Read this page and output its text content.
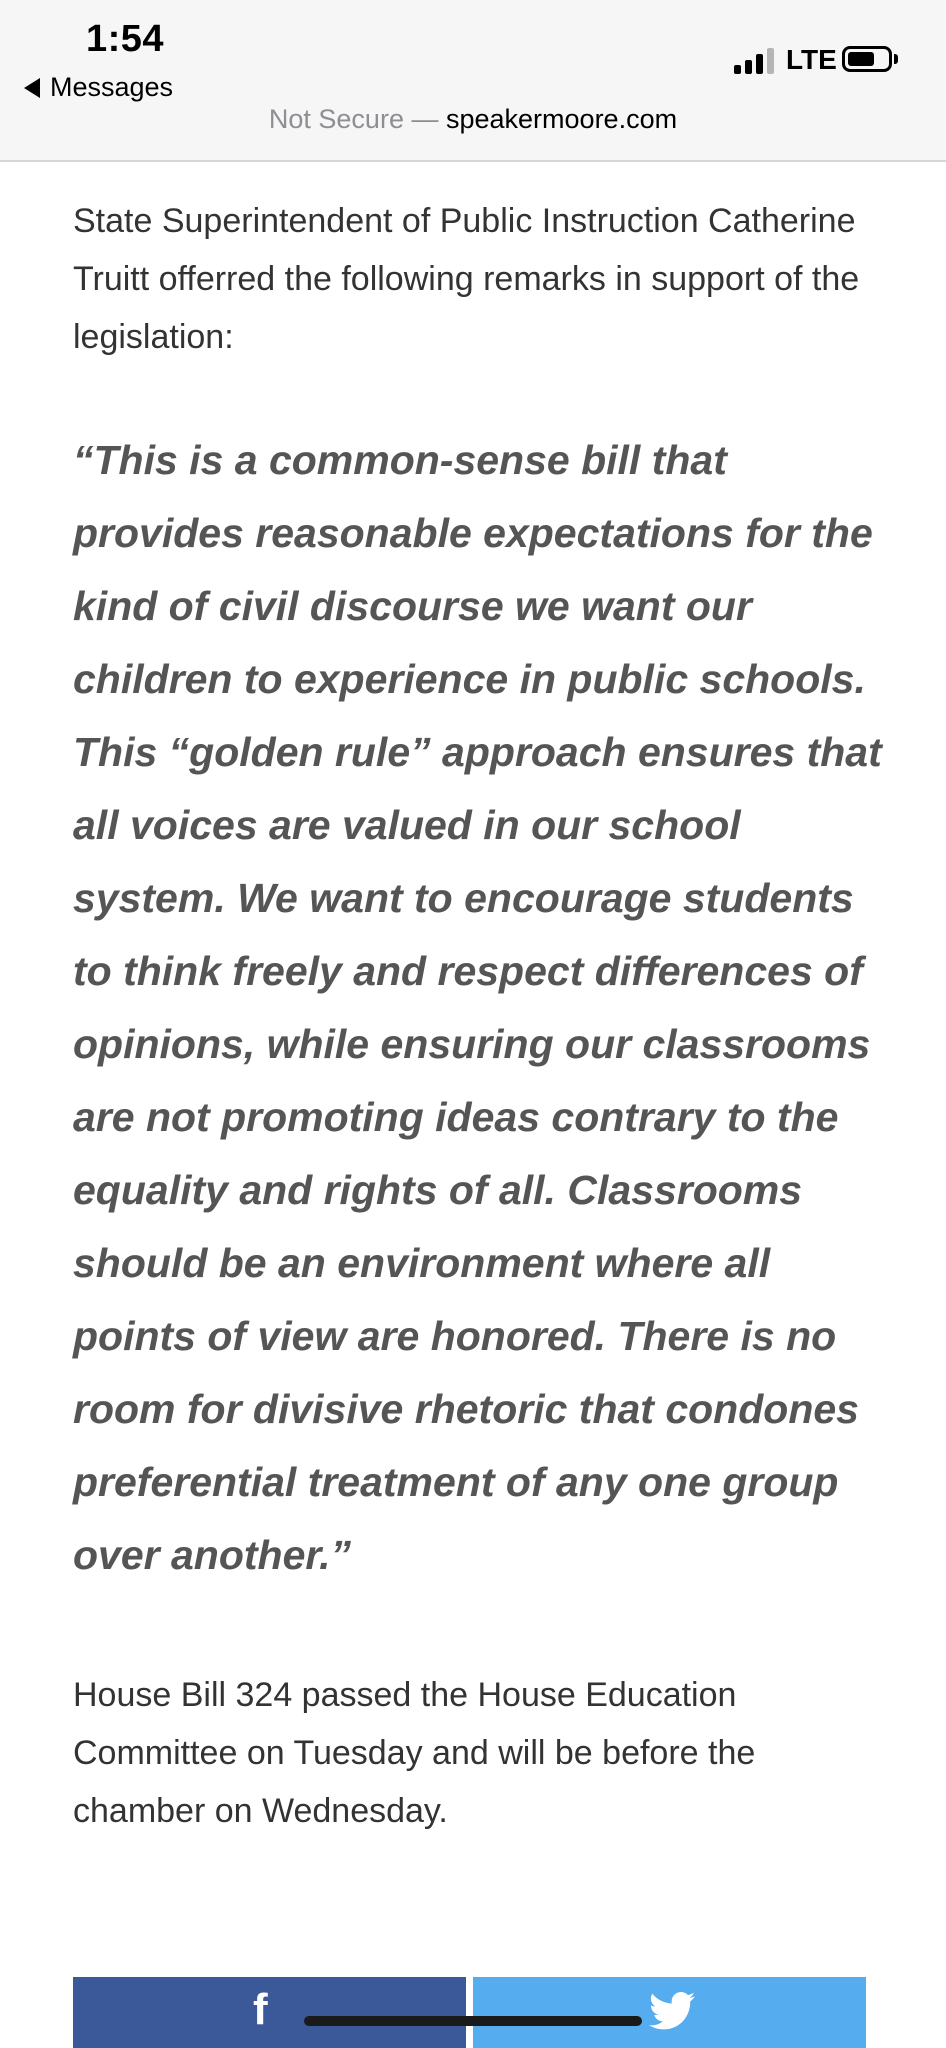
1:54
Messages
LTE
Not Secure — speakermoore.com

State Superintendent of Public Instruction Catherine Truitt offerred the following remarks in support of the legislation:

“This is a common-sense bill that provides reasonable expectations for the kind of civil discourse we want our children to experience in public schools. This “golden rule” approach ensures that all voices are valued in our school system. We want to encourage students to think freely and respect differences of opinions, while ensuring our classrooms are not promoting ideas contrary to the equality and rights of all. Classrooms should be an environment where all points of view are honored. There is no room for divisive rhetoric that condones preferential treatment of any one group over another.”

House Bill 324 passed the House Education Committee on Tuesday and will be before the chamber on Wednesday.

f
